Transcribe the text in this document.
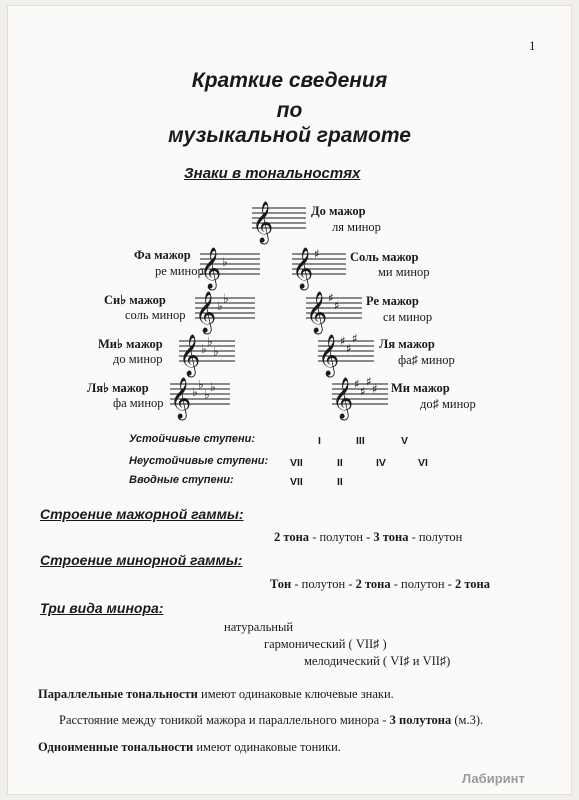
1
Краткие сведения
по
музыкальной грамоте
Знаки в тональностях
𝄞
𝄞 ♭ 𝄞 ♯
𝄞 ♭
♭ 𝄞 ♯
♯
𝄞 ♭
♭
♭	𝄞 ♯
♯
♯
𝄞 ♭
♭
♭
♭	𝄞 ♯
♯
♯
♯
До мажор
ля минор
Фа мажор
ре минор
Соль мажор
ми минор
Си♭ мажор
соль минор
Ре мажор
си минор
Ми♭ мажор
до минор
Ля мажор
фа♯ минор
Ля♭ мажор
фа минор
Ми мажор
до♯ минор
Устойчивые ступени:	I	III	V
Неустойчивые ступени: VII	II	IV	VI
Вводные ступени:	VII	II
Строение мажорной гаммы:
2 тона - полутон - 3 тона - полутон
Строение минорной гаммы:
Тон - полутон - 2 тона - полутон - 2 тона
Три вида минора:
натуральный
гармонический ( VII♯ )
мелодический ( VI♯ и VII♯)
Параллельные тональности имеют одинаковые ключевые знаки.
Расстояние между тоникой мажора и параллельного минора - 3 полутона (м.3).
Одноименные тональности имеют одинаковые тоники.
Лабиринт
